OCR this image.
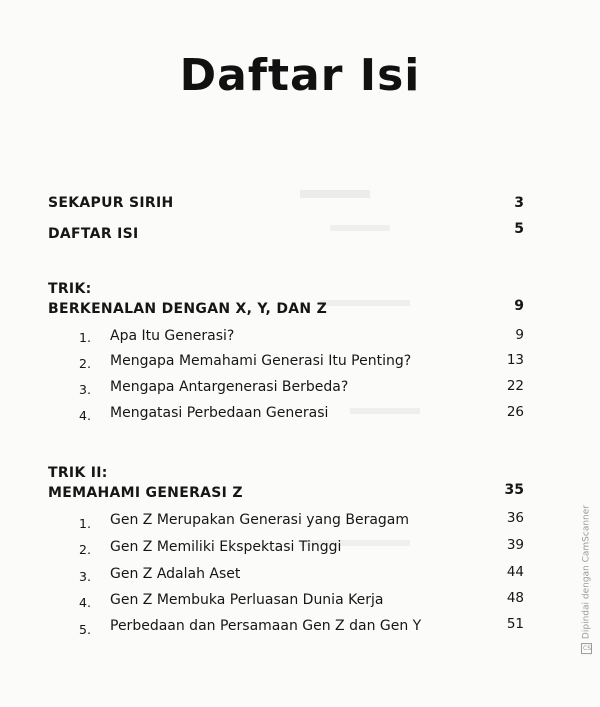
Daftar Isi
SEKAPUR SIRIH	3
DAFTAR ISI	5
TRIK:
BERKENALAN DENGAN X, Y, DAN Z	9
1. Apa Itu Generasi?	9
2. Mengapa Memahami Generasi Itu Penting?	13
3. Mengapa Antargenerasi Berbeda?	22
4. Mengatasi Perbedaan Generasi	26
TRIK II:
MEMAHAMI GENERASI Z	35
1. Gen Z Merupakan Generasi yang Beragam	36
2. Gen Z Memiliki Ekspektasi Tinggi	39
3. Gen Z Adalah Aset	44
4. Gen Z Membuka Perluasan Dunia Kerja	48
5. Perbedaan dan Persamaan Gen Z dan Gen Y	51
CS
Dipindai dengan CamScanner
